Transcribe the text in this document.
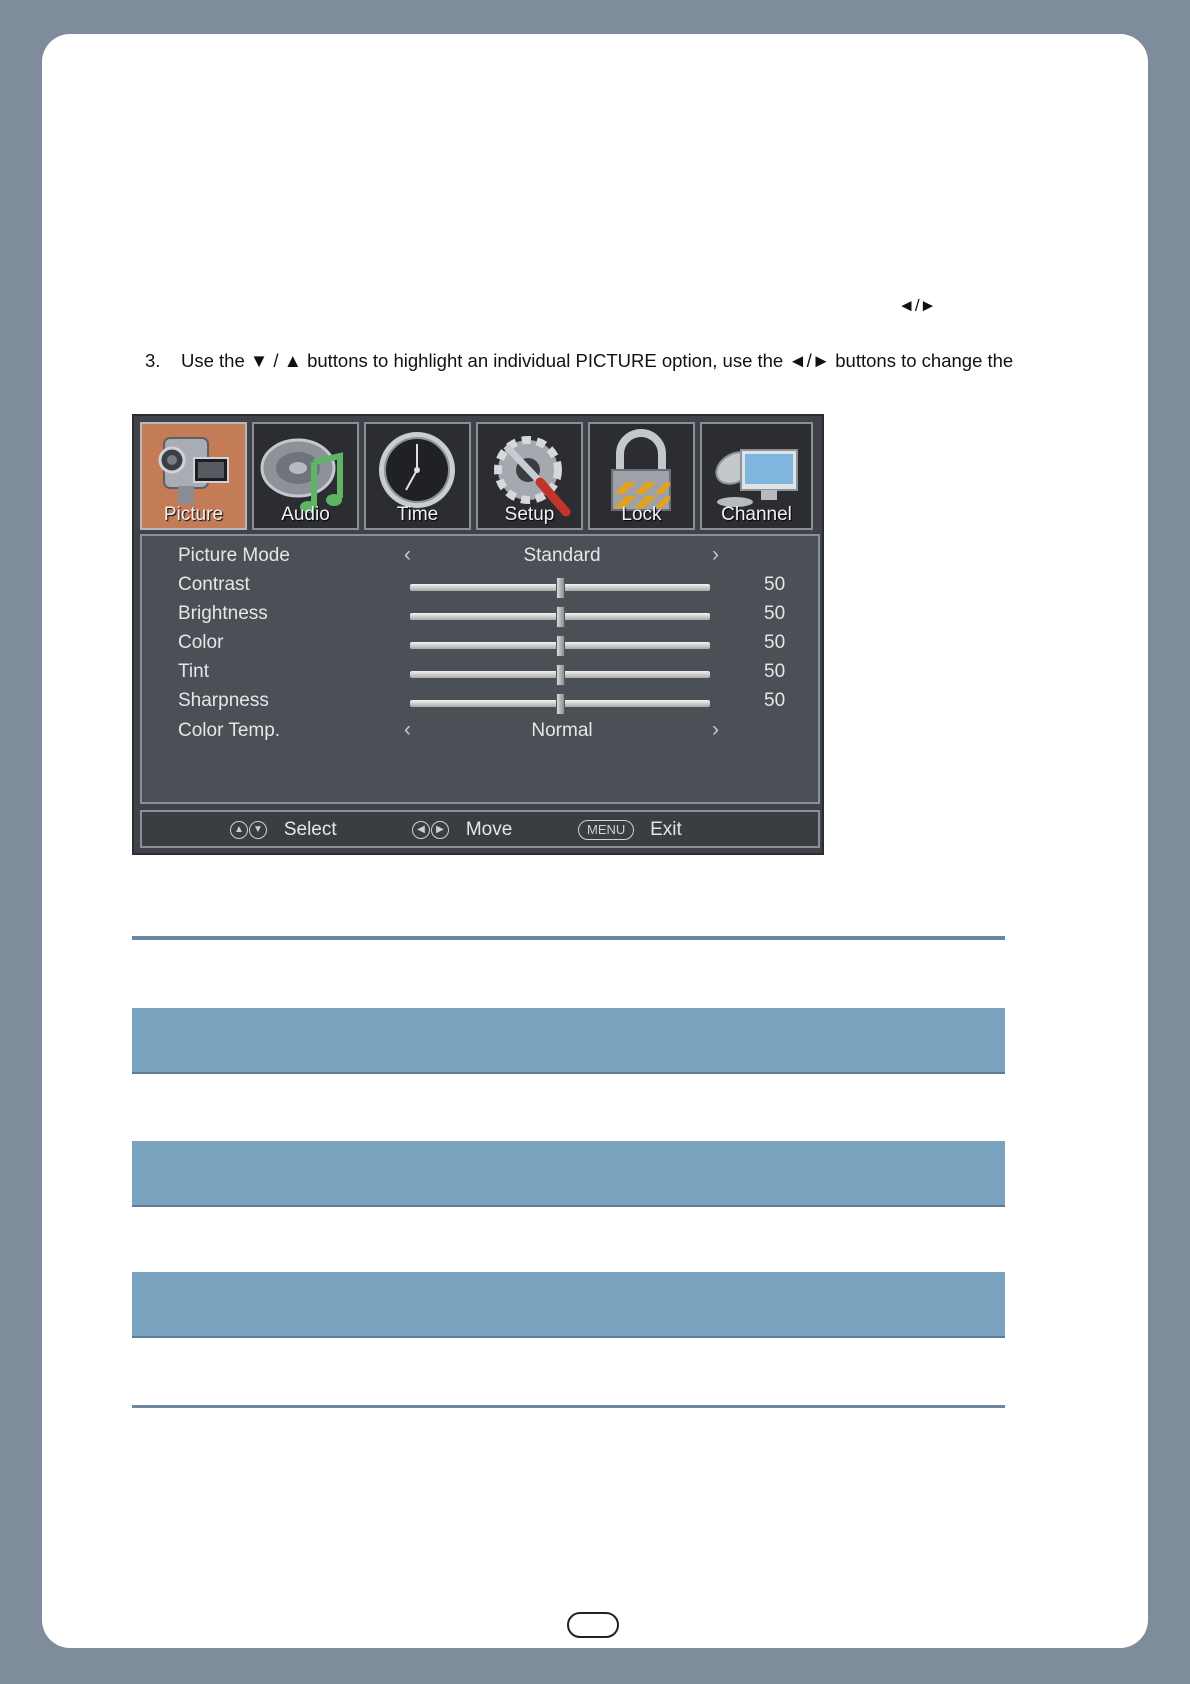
◄/►
3. Use the ▼ / ▲ buttons to highlight an individual PICTURE option, use the ◄/► buttons to change the
Picture	Audio	Time	Setup	Lock	Channel
Picture Mode	‹	Standard	›
Contrast	50
Brightness	50
Color	50
Tint	50
Sharpness	50
Color Temp.	‹	Normal	›
▲ ▼ Select	◀ ▶ Move	MENU Exit
